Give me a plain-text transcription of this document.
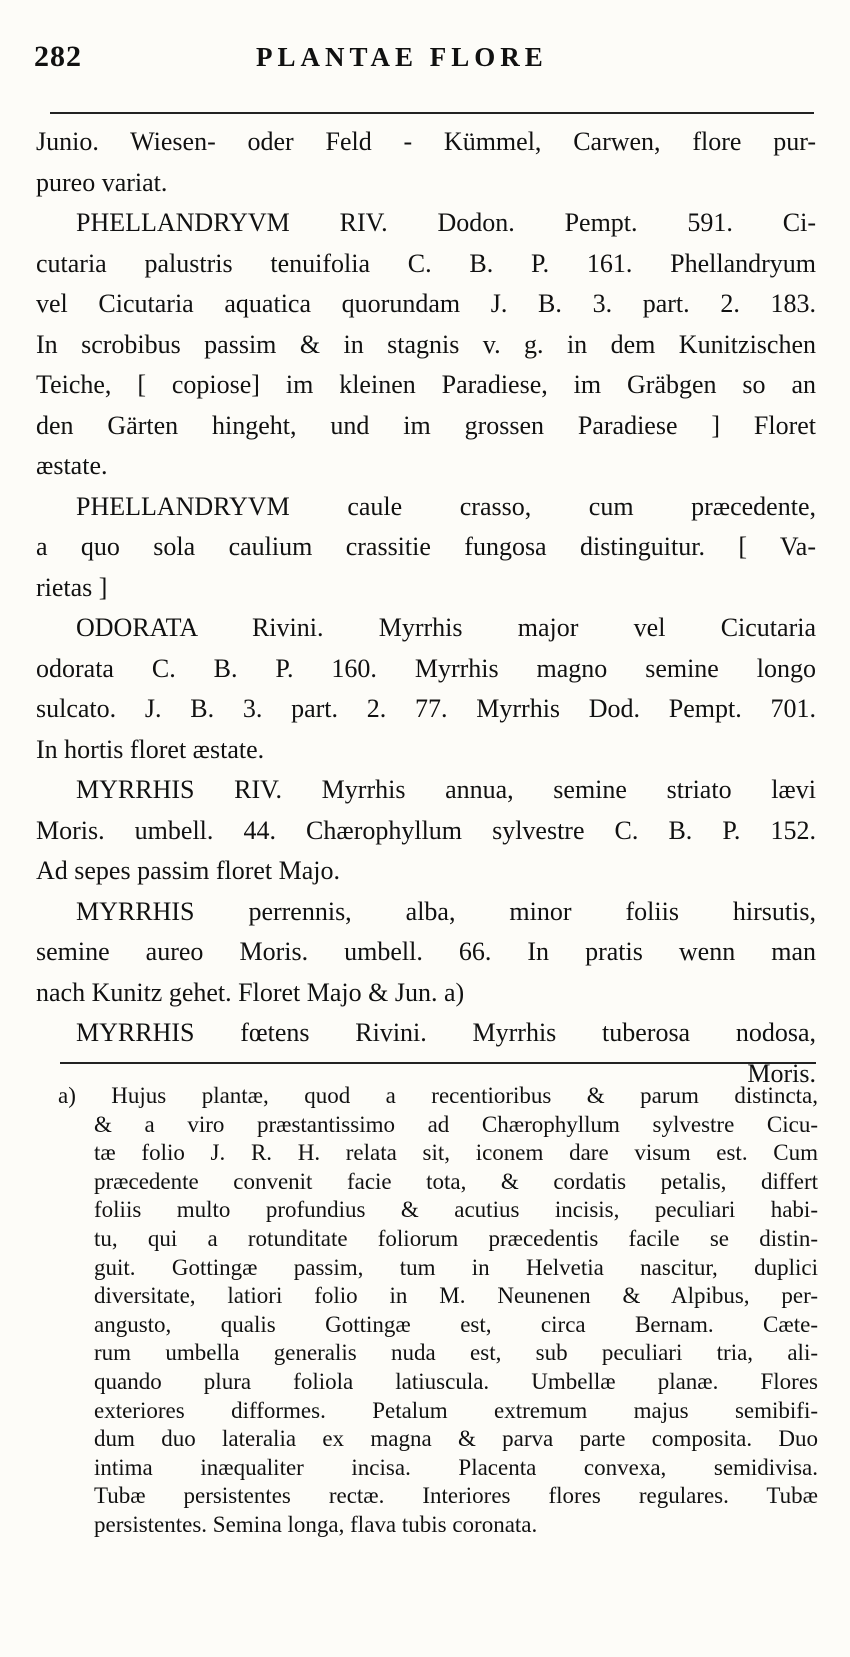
282	PLANTAE FLORE
Junio. Wiesen- oder Feld - Kümmel, Carwen, flore pur-
pureo variat.
PHELLANDRYVM RIV. Dodon. Pempt. 591. Ci-
cutaria palustris tenuifolia C. B. P. 161. Phellandryum
vel Cicutaria aquatica quorundam J. B. 3. part. 2. 183.
In scrobibus passim & in stagnis v. g. in dem Kunitzischen
Teiche, [ copiose] im kleinen Paradiese, im Gräbgen so an
den Gärten hingeht, und im grossen Paradiese ] Floret
æstate.
PHELLANDRYVM caule crasso, cum præcedente,
a quo sola caulium crassitie fungosa distinguitur. [ Va-
rietas ]
ODORATA Rivini. Myrrhis major vel Cicutaria
odorata C. B. P. 160. Myrrhis magno semine longo
sulcato. J. B. 3. part. 2. 77. Myrrhis Dod. Pempt. 701.
In hortis floret æstate.
MYRRHIS RIV. Myrrhis annua, semine striato lævi
Moris. umbell. 44. Chærophyllum sylvestre C. B. P. 152.
Ad sepes passim floret Majo.
MYRRHIS perrennis, alba, minor foliis hirsutis,
semine aureo Moris. umbell. 66. In pratis wenn man
nach Kunitz gehet. Floret Majo & Jun. a)
MYRRHIS fœtens Rivini. Myrrhis tuberosa nodosa,
Moris.
a) Hujus plantæ, quod a recentioribus & parum distincta,
& a viro præstantissimo ad Chærophyllum sylvestre Cicu-
tæ folio J. R. H. relata sit, iconem dare visum est. Cum
præcedente convenit facie tota, & cordatis petalis, differt
foliis multo profundius & acutius incisis, peculiari habi-
tu, qui a rotunditate foliorum præcedentis facile se distin-
guit. Gottingæ passim, tum in Helvetia nascitur, duplici
diversitate, latiori folio in M. Neunenen & Alpibus, per-
angusto, qualis Gottingæ est, circa Bernam. Cæte-
rum umbella generalis nuda est, sub peculiari tria, ali-
quando plura foliola latiuscula. Umbellæ planæ. Flores
exteriores difformes. Petalum extremum majus semibifi-
dum duo lateralia ex magna & parva parte composita. Duo
intima inæqualiter incisa. Placenta convexa, semidivisa.
Tubæ persistentes rectæ. Interiores flores regulares. Tubæ
persistentes. Semina longa, flava tubis coronata.
